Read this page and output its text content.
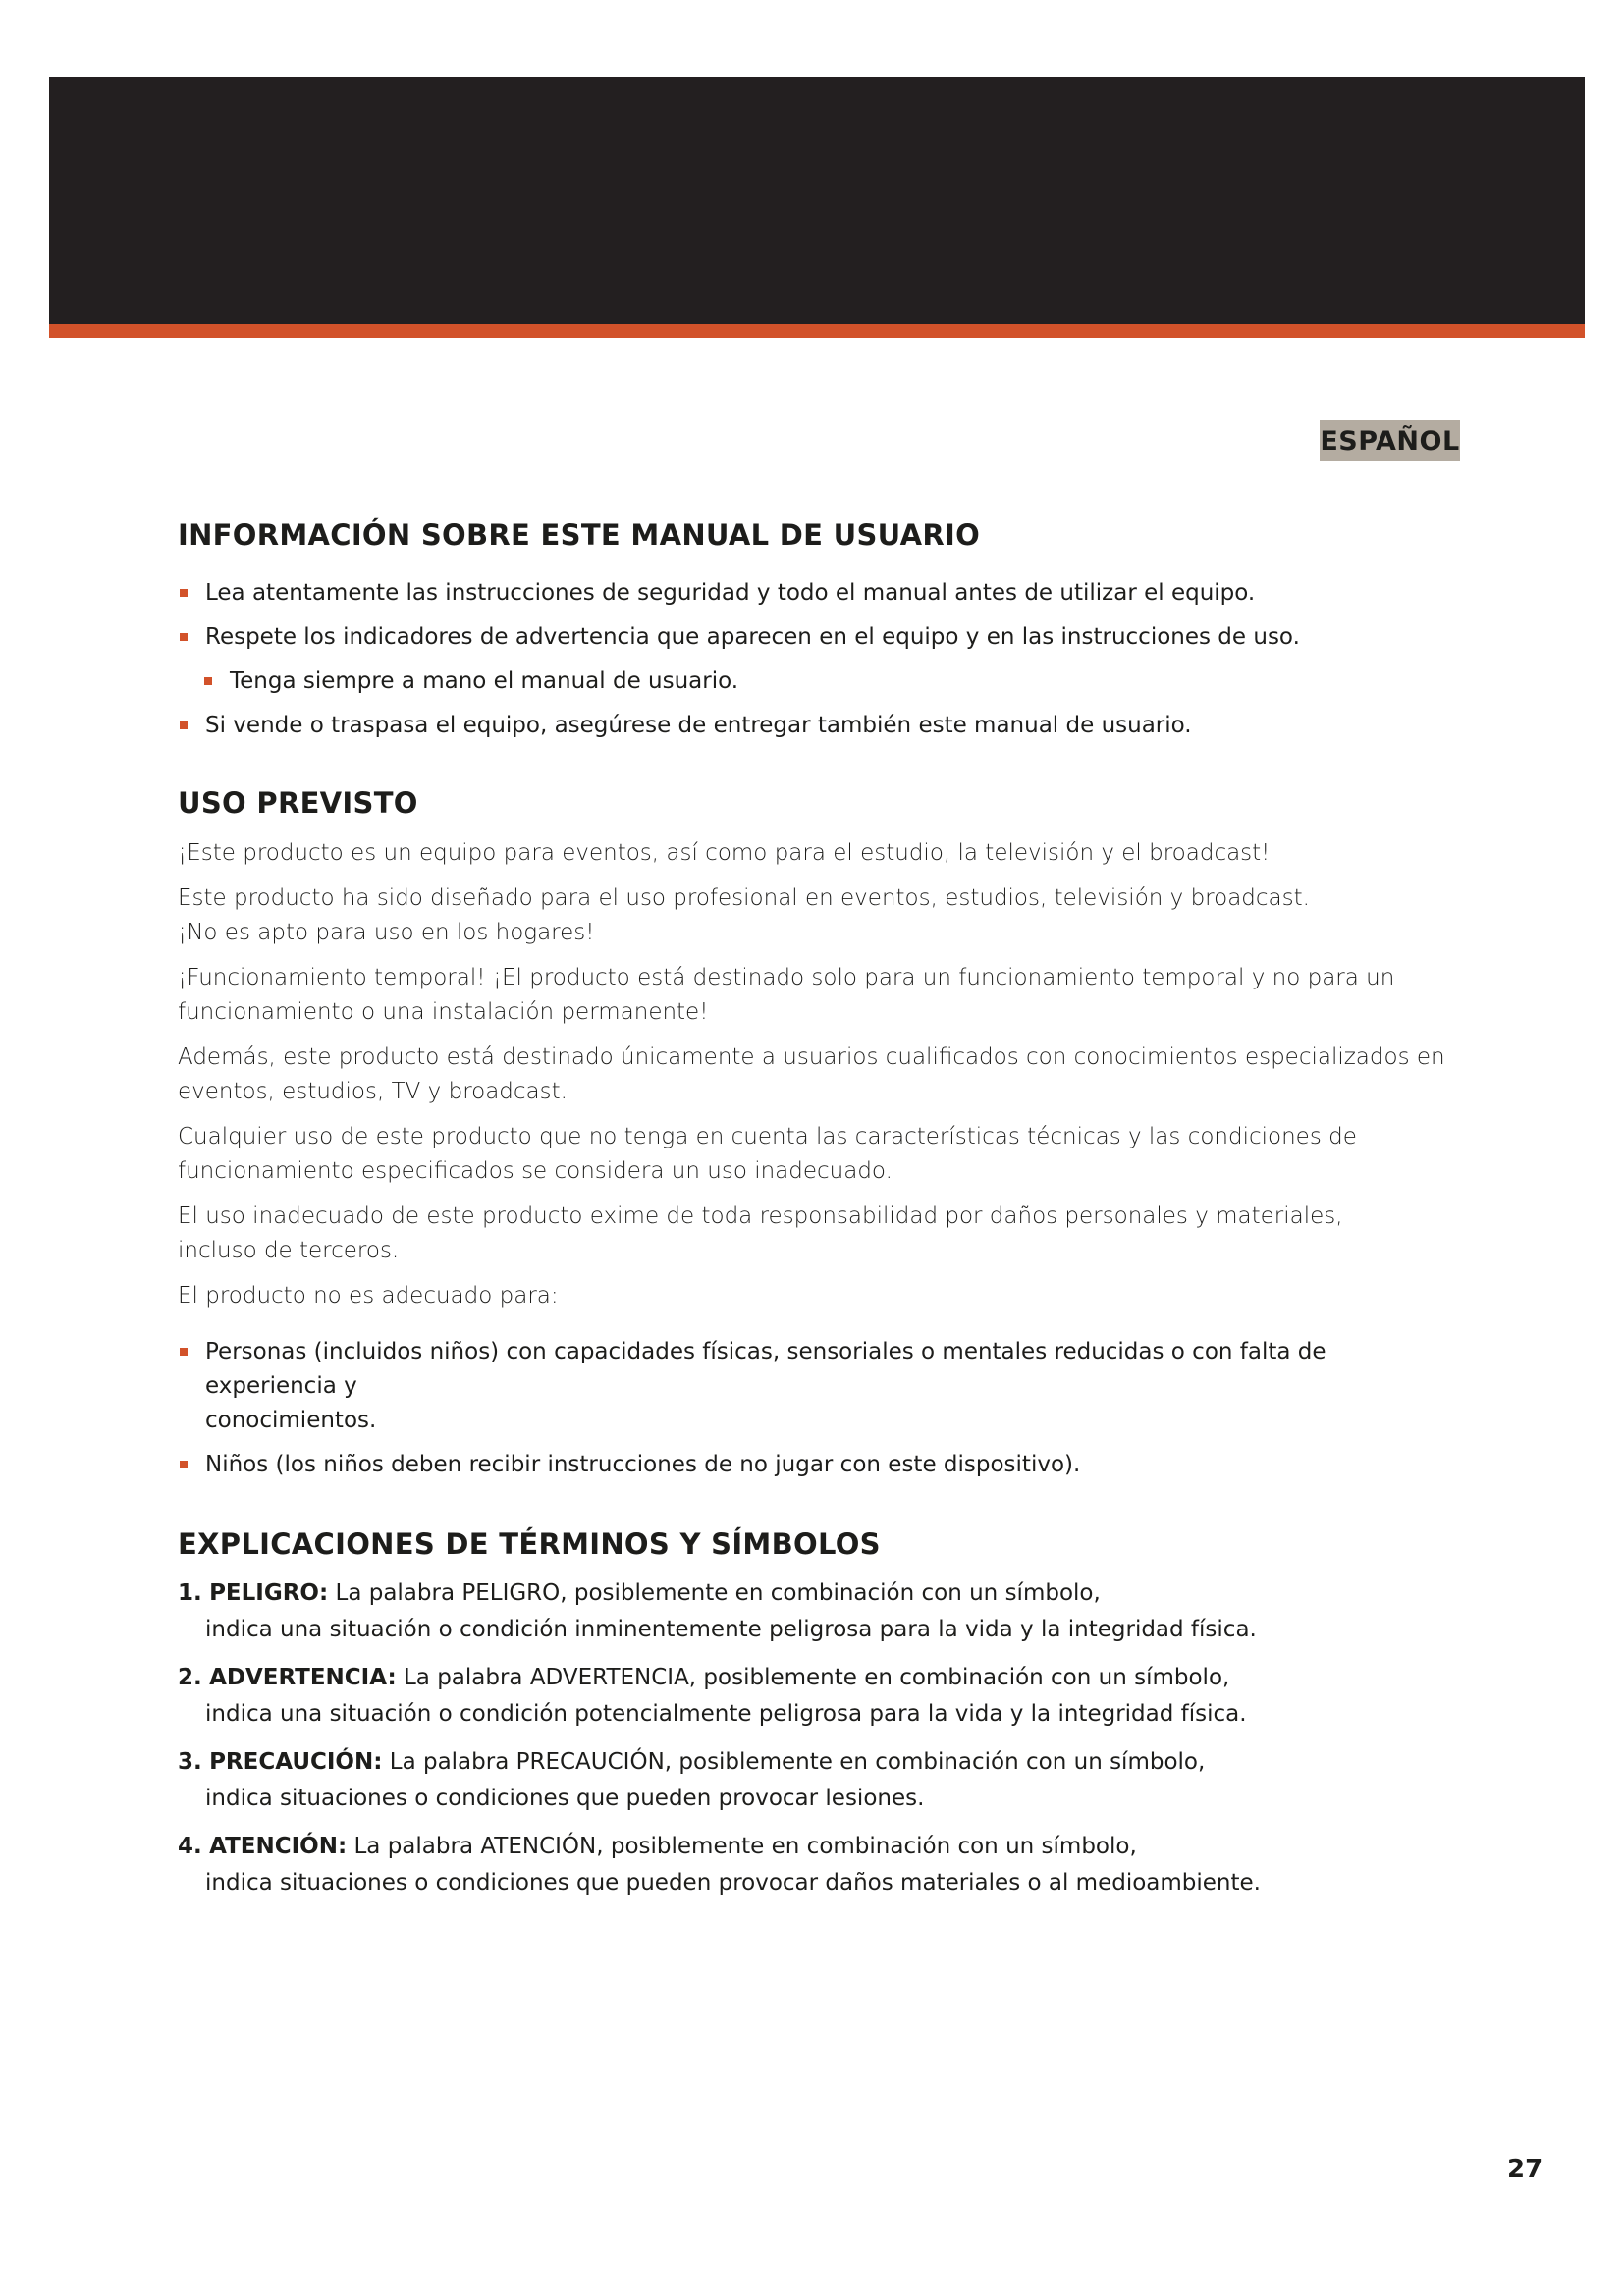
ESPAÑOL
INFORMACIÓN SOBRE ESTE MANUAL DE USUARIO
Lea atentamente las instrucciones de seguridad y todo el manual antes de utilizar el equipo.
Respete los indicadores de advertencia que aparecen en el equipo y en las instrucciones de uso.
Tenga siempre a mano el manual de usuario.
Si vende o traspasa el equipo, asegúrese de entregar también este manual de usuario.
USO PREVISTO

¡Este producto es un equipo para eventos, así como para el estudio, la televisión y el broadcast!

Este producto ha sido diseñado para el uso profesional en eventos, estudios, televisión y broadcast.

¡No es apto para uso en los hogares!

¡Funcionamiento temporal! ¡El producto está destinado solo para un funcionamiento temporal y no para un

funcionamiento o una instalación permanente!

Además, este producto está destinado únicamente a usuarios cualificados con conocimientos especializados en

eventos, estudios, TV y broadcast.

Cualquier uso de este producto que no tenga en cuenta las características técnicas y las condiciones de

funcionamiento especificados se considera un uso inadecuado.

El uso inadecuado de este producto exime de toda responsabilidad por daños personales y materiales,

incluso de terceros.

El producto no es adecuado para:

Personas (incluidos niños) con capacidades físicas, sensoriales o mentales reducidas o con falta de experiencia y
conocimientos.
Niños (los niños deben recibir instrucciones de no jugar con este dispositivo).
EXPLICACIONES DE TÉRMINOS Y SÍMBOLOS
1. PELIGRO: La palabra PELIGRO, posiblemente en combinación con un símbolo,
indica una situación o condición inminentemente peligrosa para la vida y la integridad física.
2. ADVERTENCIA: La palabra ADVERTENCIA, posiblemente en combinación con un símbolo,
indica una situación o condición potencialmente peligrosa para la vida y la integridad física.
3. PRECAUCIÓN: La palabra PRECAUCIÓN, posiblemente en combinación con un símbolo,
indica situaciones o condiciones que pueden provocar lesiones.
4. ATENCIÓN: La palabra ATENCIÓN, posiblemente en combinación con un símbolo,
indica situaciones o condiciones que pueden provocar daños materiales o al medioambiente.
27
